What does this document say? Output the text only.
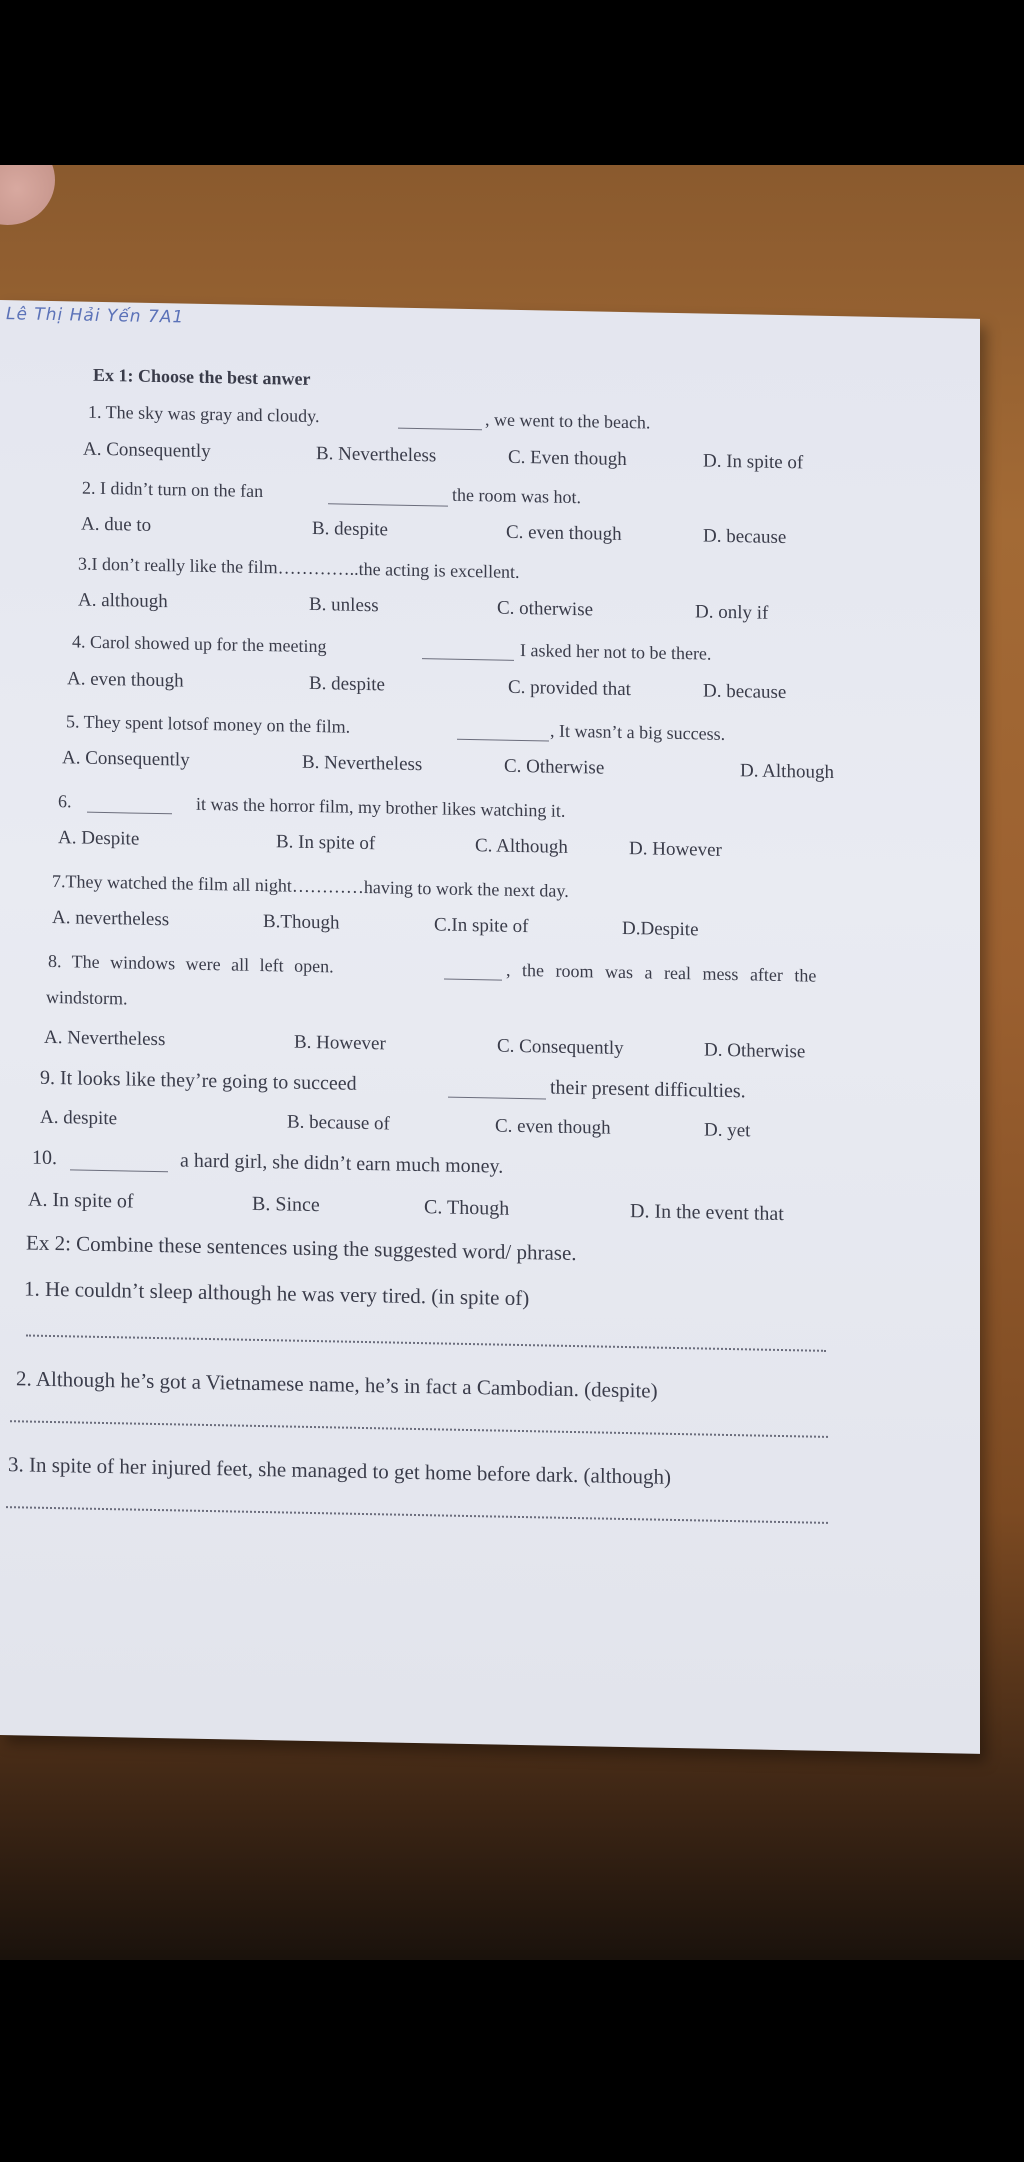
Lê Thị Hải Yến 7A1
Ex 1: Choose the best anwer
1. The sky was gray and cloudy.	, we went to the beach.
A. Consequently	B. Nevertheless	C. Even though	D. In spite of
2. I didn’t turn on the fan	the room was hot.
A. due to	B. despite	C. even though	D. because
3.I don’t really like the film…………..the acting is excellent.
A. although	B. unless	C. otherwise	D. only if
4. Carol showed up for the meeting	I asked her not to be there.
A. even though	B. despite	C. provided that	D. because
5. They spent lotsof money on the film.	, It wasn’t a big success.
A. Consequently	B. Nevertheless	C. Otherwise	D. Although
6.	it was the horror film, my brother likes watching it.
A. Despite	B. In spite of	C. Although	D. However
7.They watched the film all night…………having to work the next day.
A. nevertheless	B.Though	C.In spite of	D.Despite
8. The windows were all left open.	, the room was a real mess after the
windstorm.
A. Nevertheless	B. However	C. Consequently	D. Otherwise
9. It looks like they’re going to succeed	their present difficulties.
A. despite	B. because of	C. even though	D. yet
10.	a hard girl, she didn’t earn much money.
A. In spite of	B. Since	C. Though	D. In the event that
Ex 2: Combine these sentences using the suggested word/ phrase.
1. He couldn’t sleep although he was very tired. (in spite of)
2. Although he’s got a Vietnamese name, he’s in fact a Cambodian. (despite)
3. In spite of her injured feet, she managed to get home before dark. (although)
